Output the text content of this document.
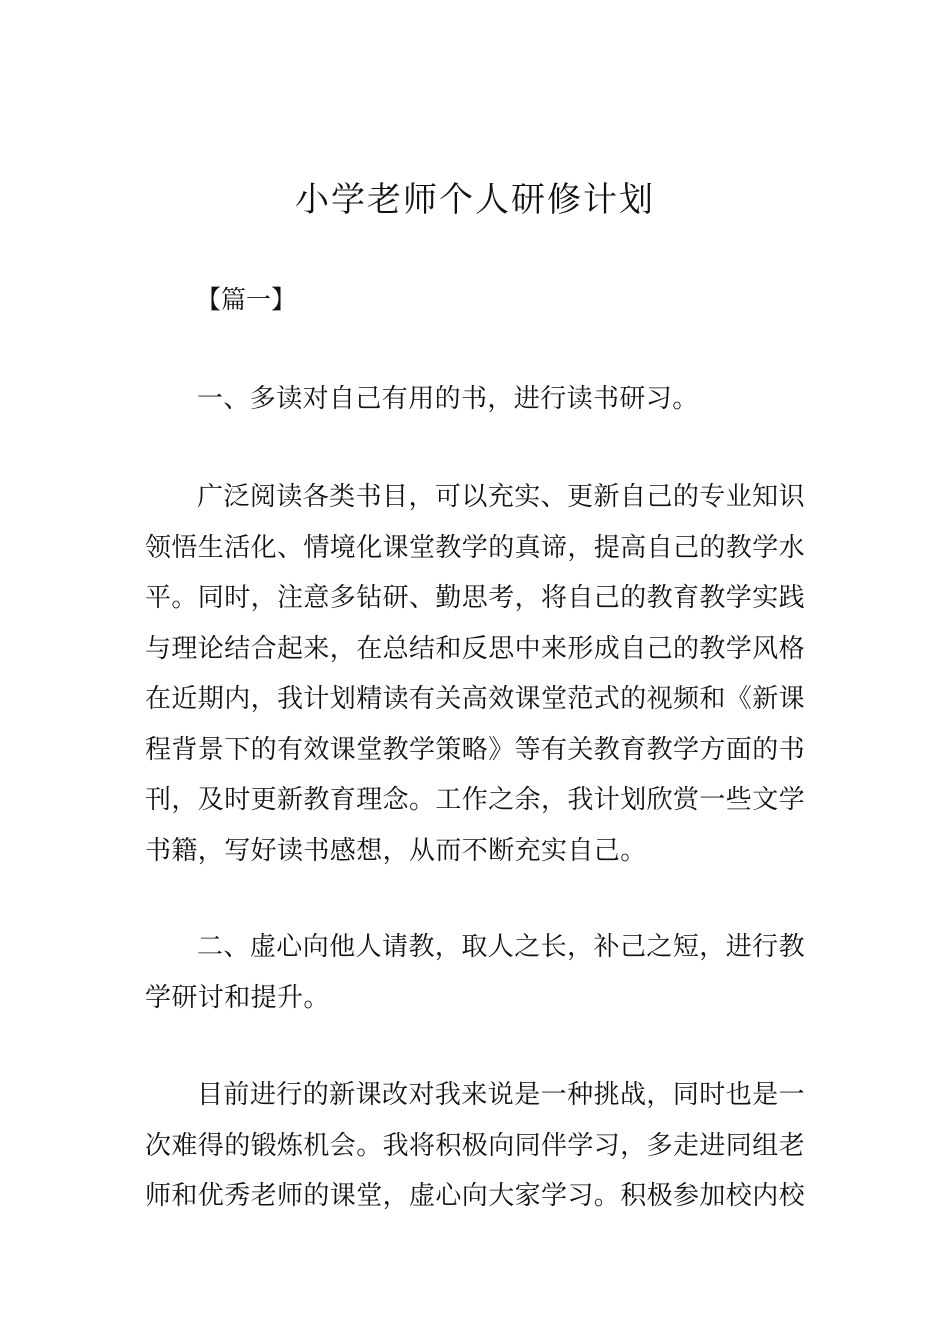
小学老师个人研修计划
【篇一】
一、多读对自己有用的书，进行读书研习。
广泛阅读各类书目，可以充实、更新自己的专业知识领悟生活化、情境化课堂教学的真谛，提高自己的教学水平。同时，注意多钻研、勤思考，将自己的教育教学实践与理论结合起来，在总结和反思中来形成自己的教学风格在近期内，我计划精读有关高效课堂范式的视频和《新课程背景下的有效课堂教学策略》等有关教育教学方面的书刊，及时更新教育理念。工作之余，我计划欣赏一些文学书籍，写好读书感想，从而不断充实自己。
二、虚心向他人请教，取人之长，补己之短，进行教学研讨和提升。
目前进行的新课改对我来说是一种挑战，同时也是一次难得的锻炼机会。我将积极向同伴学习，多走进同组老师和优秀老师的课堂，虚心向大家学习。积极参加校内校
